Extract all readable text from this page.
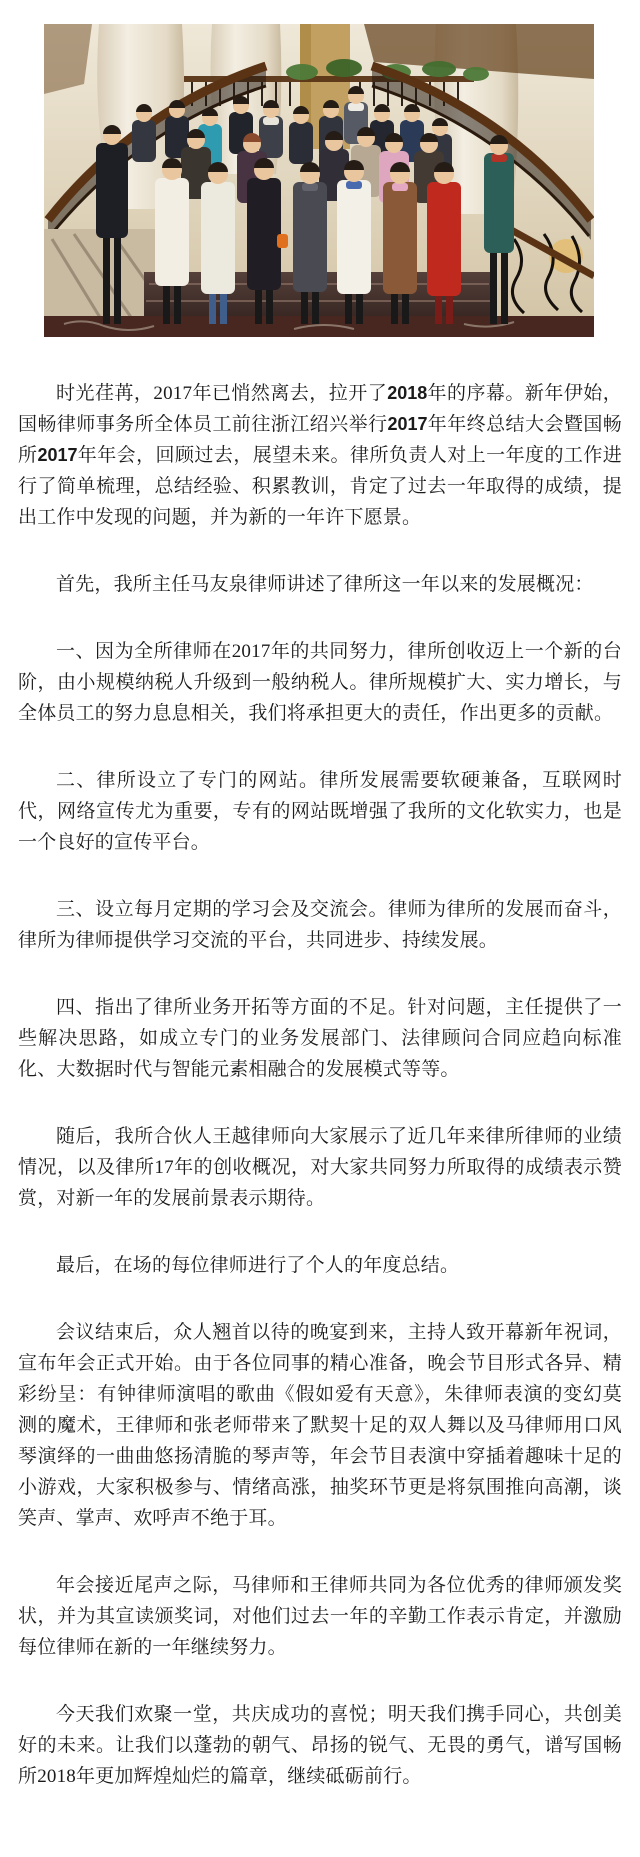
时光荏苒，2017年已悄然离去，拉开了2018年的序幕。新年伊始，国畅律师事务所全体员工前往浙江绍兴举行2017年年终总结大会暨国畅所2017年年会，回顾过去，展望未来。律所负责人对上一年度的工作进行了简单梳理，总结经验、积累教训，肯定了过去一年取得的成绩，提出工作中发现的问题，并为新的一年许下愿景。

首先，我所主任马友泉律师讲述了律所这一年以来的发展概况：

一、因为全所律师在2017年的共同努力，律所创收迈上一个新的台阶，由小规模纳税人升级到一般纳税人。律所规模扩大、实力增长，与全体员工的努力息息相关，我们将承担更大的责任，作出更多的贡献。

二、律所设立了专门的网站。律所发展需要软硬兼备，互联网时代，网络宣传尤为重要，专有的网站既增强了我所的文化软实力，也是一个良好的宣传平台。

三、设立每月定期的学习会及交流会。律师为律所的发展而奋斗，律所为律师提供学习交流的平台，共同进步、持续发展。

四、指出了律所业务开拓等方面的不足。针对问题，主任提供了一些解决思路，如成立专门的业务发展部门、法律顾问合同应趋向标准化、大数据时代与智能元素相融合的发展模式等等。

随后，我所合伙人王越律师向大家展示了近几年来律所律师的业绩情况，以及律所17年的创收概况，对大家共同努力所取得的成绩表示赞赏，对新一年的发展前景表示期待。

最后，在场的每位律师进行了个人的年度总结。

会议结束后，众人翘首以待的晚宴到来，主持人致开幕新年祝词，宣布年会正式开始。由于各位同事的精心准备，晚会节目形式各异、精彩纷呈：有钟律师演唱的歌曲《假如爱有天意》，朱律师表演的变幻莫测的魔术，王律师和张老师带来了默契十足的双人舞以及马律师用口风琴演绎的一曲曲悠扬清脆的琴声等，年会节目表演中穿插着趣味十足的小游戏，大家积极参与、情绪高涨，抽奖环节更是将氛围推向高潮，谈笑声、掌声、欢呼声不绝于耳。

年会接近尾声之际，马律师和王律师共同为各位优秀的律师颁发奖状，并为其宣读颁奖词，对他们过去一年的辛勤工作表示肯定，并激励每位律师在新的一年继续努力。

今天我们欢聚一堂，共庆成功的喜悦；明天我们携手同心，共创美好的未来。让我们以蓬勃的朝气、昂扬的锐气、无畏的勇气，谱写国畅所2018年更加辉煌灿烂的篇章，继续砥砺前行。
